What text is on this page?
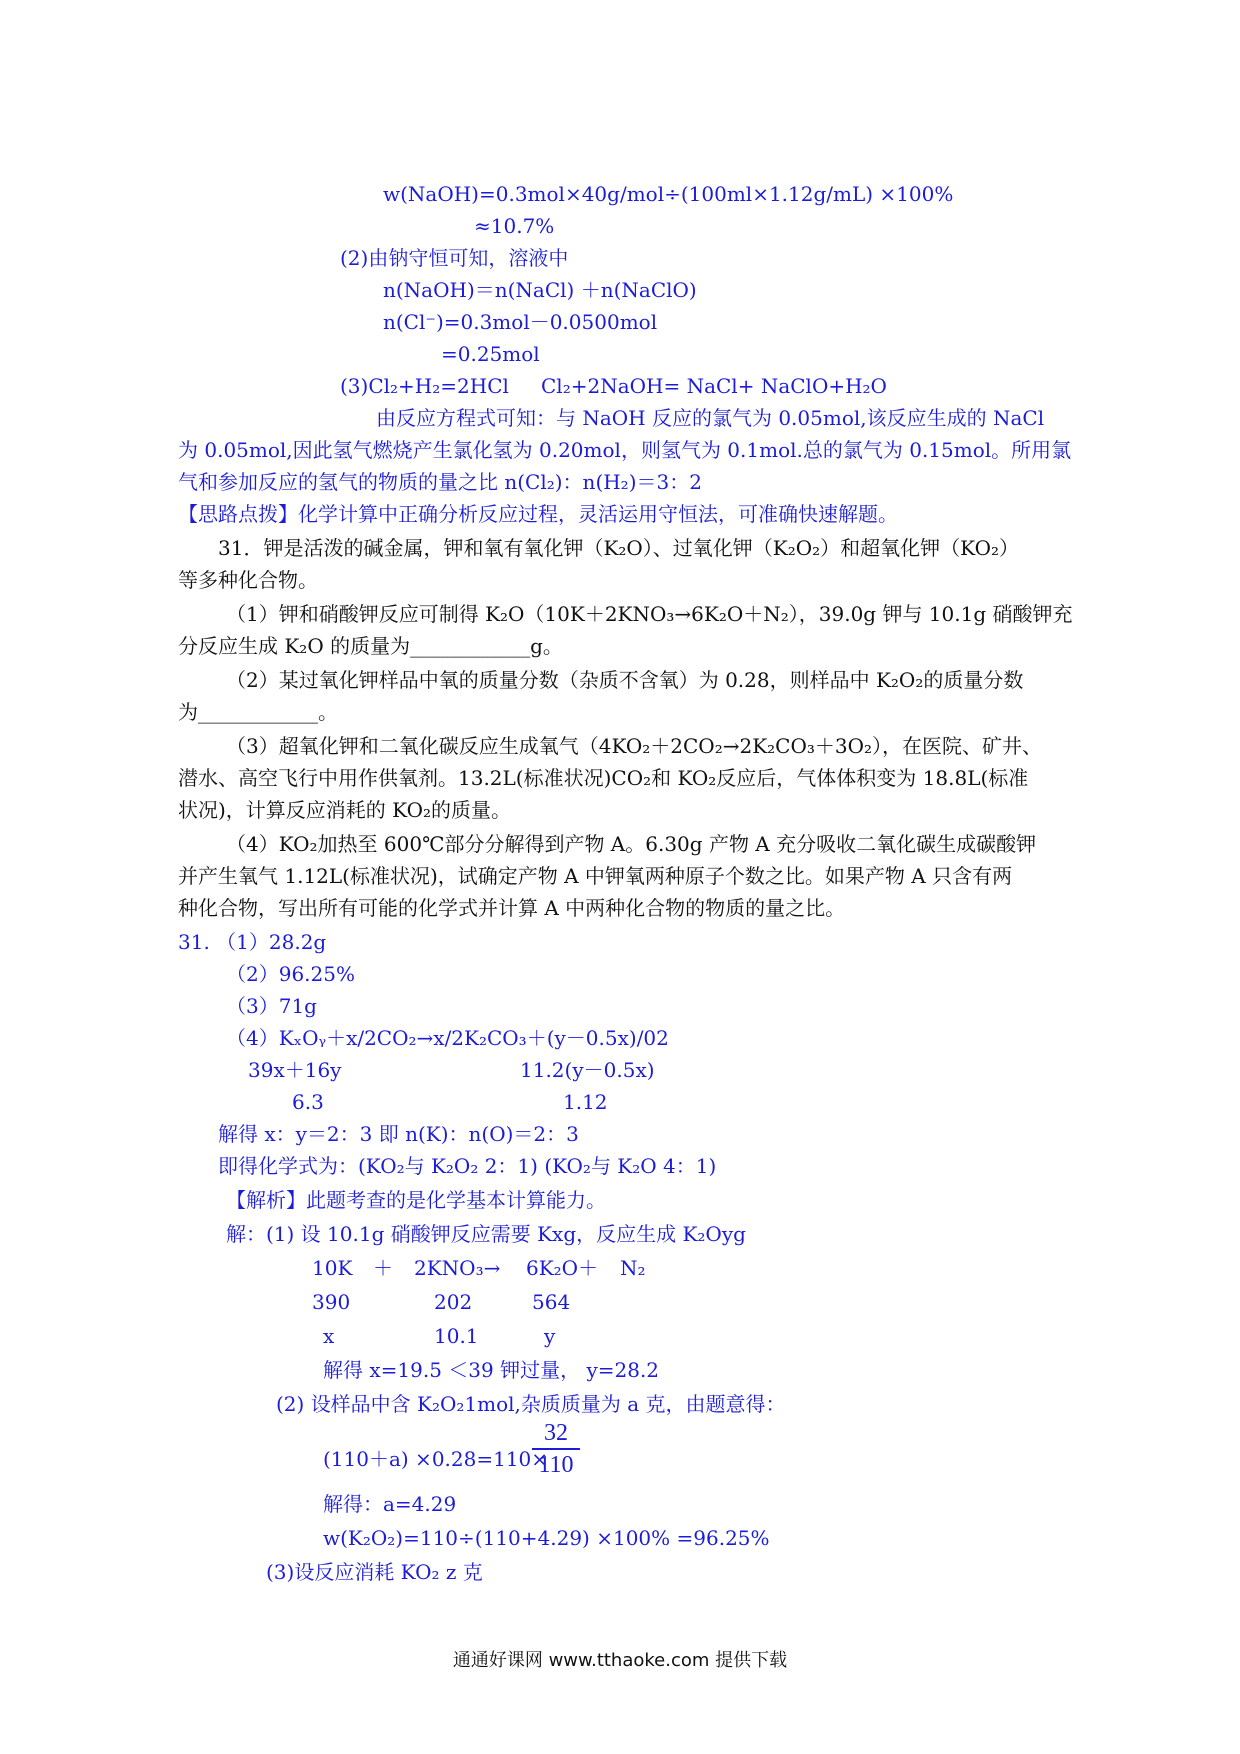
w(NaOH)=0.3mol×40g/mol÷(100ml×1.12g/mL) ×100%
≈10.7%
(2)由钠守恒可知，溶液中
n(NaOH)＝n(NaCl) ＋n(NaClO)
n(Cl⁻)=0.3mol－0.0500mol
=0.25mol
(3)Cl₂+H₂=2HCl Cl₂+2NaOH= NaCl+ NaClO+H₂O
由反应方程式可知：与 NaOH 反应的氯气为 0.05mol,该反应生成的 NaCl
为 0.05mol,因此氢气燃烧产生氯化氢为 0.20mol，则氢气为 0.1mol.总的氯气为 0.15mol。所用氯
气和参加反应的氢气的物质的量之比 n(Cl₂)：n(H₂)＝3：2
【思路点拨】化学计算中正确分析反应过程，灵活运用守恒法，可准确快速解题。
31．钾是活泼的碱金属，钾和氧有氧化钾（K₂O）、过氧化钾（K₂O₂）和超氧化钾（KO₂）
等多种化合物。
（1）钾和硝酸钾反应可制得 K₂O（10K＋2KNO₃→6K₂O＋N₂），39.0g 钾与 10.1g 硝酸钾充
分反应生成 K₂O 的质量为____________g。
（2）某过氧化钾样品中氧的质量分数（杂质不含氧）为 0.28，则样品中 K₂O₂的质量分数
为____________。
（3）超氧化钾和二氧化碳反应生成氧气（4KO₂＋2CO₂→2K₂CO₃＋3O₂），在医院、矿井、
潜水、高空飞行中用作供氧剂。13.2L(标准状况)CO₂和 KO₂反应后，气体体积变为 18.8L(标准
状况)，计算反应消耗的 KO₂的质量。
（4）KO₂加热至 600℃部分分解得到产物 A。6.30g 产物 A 充分吸收二氧化碳生成碳酸钾
并产生氧气 1.12L(标准状况)，试确定产物 A 中钾氧两种原子个数之比。如果产物 A 只含有两
种化合物，写出所有可能的化学式并计算 A 中两种化合物的物质的量之比。
31. （1）28.2g
（2）96.25%
（3）71g
（4）KₓOᵧ＋x/2CO₂→x/2K₂CO₃＋(y－0.5x)/02
39x＋16y	11.2(y－0.5x)
6.3	1.12
解得 x：y＝2：3 即 n(K)：n(O)＝2：3
即得化学式为：(KO₂与 K₂O₂ 2：1) (KO₂与 K₂O 4：1)
【解析】此题考查的是化学基本计算能力。
解：(1) 设 10.1g 硝酸钾反应需要 Kxg，反应生成 K₂Oyg
10K ＋ 2KNO₃→ 6K₂O＋ N₂
390	202	564
x	10.1	y
解得 x=19.5 ＜39 钾过量， y=28.2
(2) 设样品中含 K₂O₂1mol,杂质质量为 a 克，由题意得：
(110＋a) ×0.28=110×
$\frac{32}{110}$
解得：a=4.29
w(K₂O₂)=110÷(110+4.29) ×100% =96.25%
(3)设反应消耗 KO₂ z 克
通通好课网 www.tthaoke.com 提供下载
